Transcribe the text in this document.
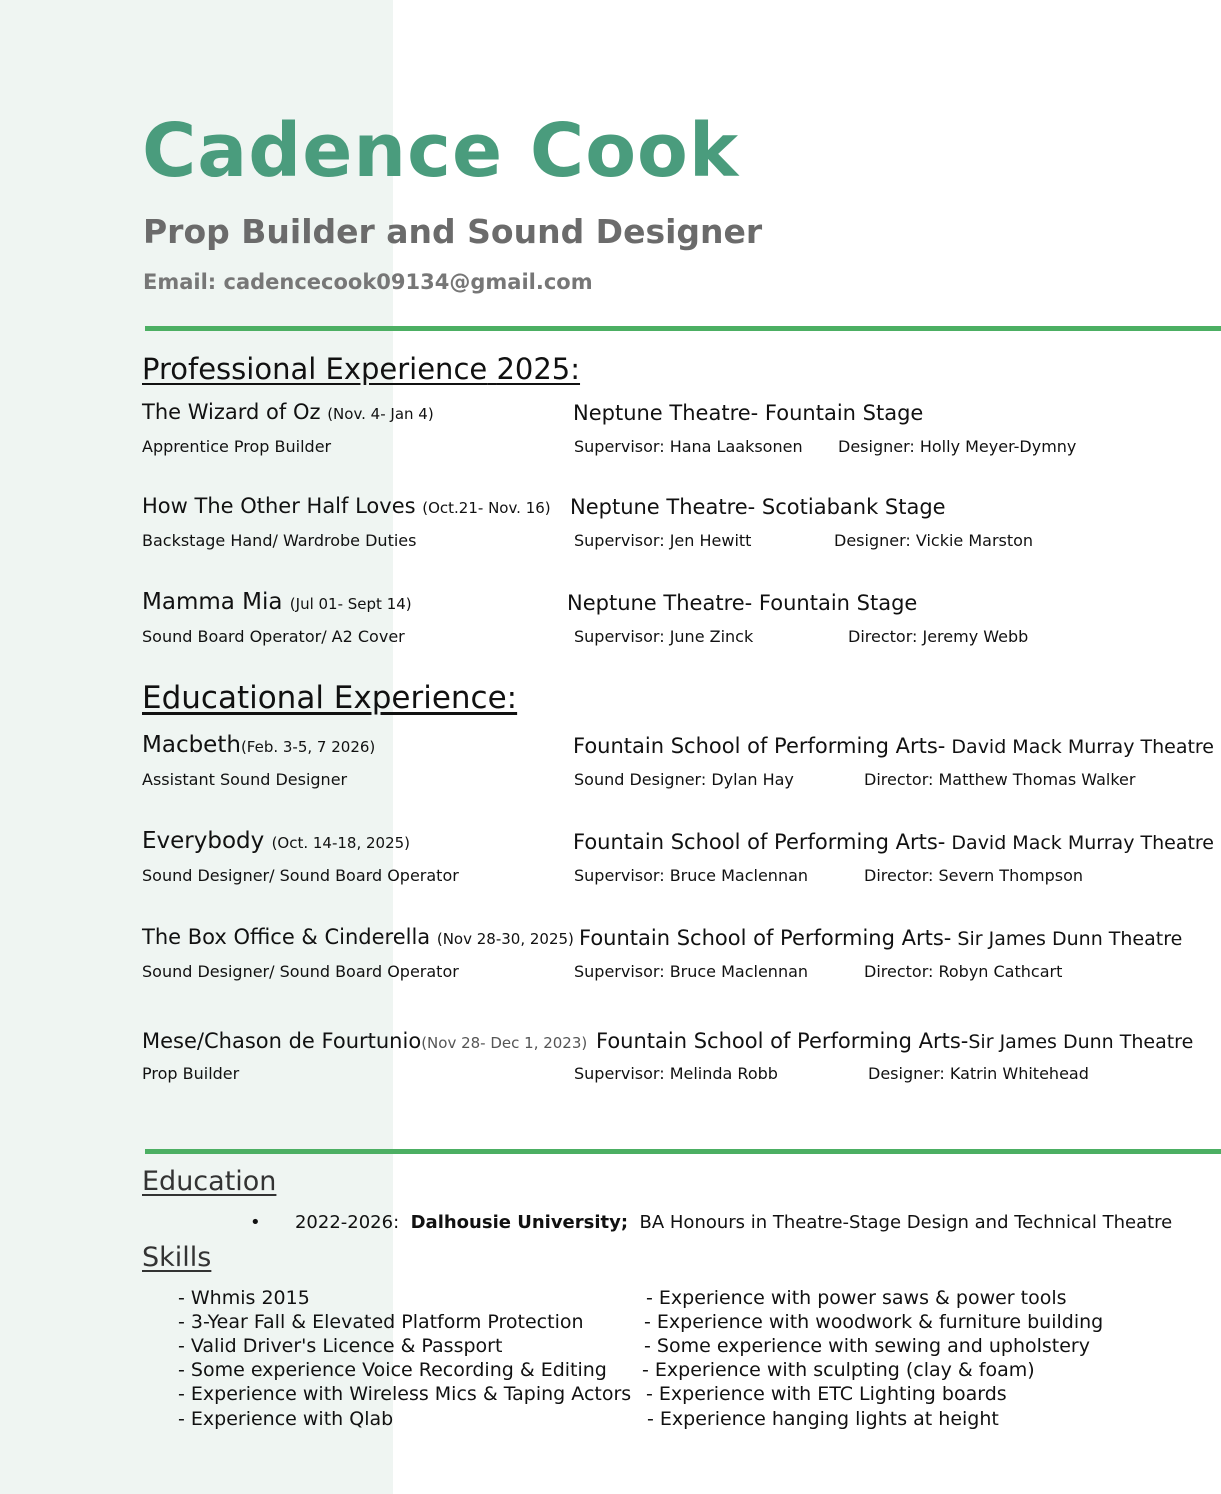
Cadence Cook
Prop Builder and Sound Designer
Email: cadencecook09134@gmail.com
Professional Experience 2025:
The Wizard of Oz (Nov. 4- Jan 4)	Neptune Theatre- Fountain Stage
Apprentice Prop Builder	Supervisor: Hana Laaksonen Designer: Holly Meyer-Dymny
How The Other Half Loves (Oct.21- Nov. 16) Neptune Theatre- Scotiabank Stage
Backstage Hand/ Wardrobe Duties	Supervisor: Jen Hewitt	Designer: Vickie Marston
Mamma Mia (Jul 01- Sept 14)	Neptune Theatre- Fountain Stage
Sound Board Operator/ A2 Cover	Supervisor: June Zinck	Director: Jeremy Webb
Educational Experience:
Macbeth(Feb. 3-5, 7 2026)	Fountain School of Performing Arts- David Mack Murray Theatre
Assistant Sound Designer	Sound Designer: Dylan Hay	Director: Matthew Thomas Walker
Everybody (Oct. 14-18, 2025)	Fountain School of Performing Arts- David Mack Murray Theatre
Sound Designer/ Sound Board Operator	Supervisor: Bruce Maclennan	Director: Severn Thompson
The Box Office & Cinderella (Nov 28-30, 2025) Fountain School of Performing Arts- Sir James Dunn Theatre
Sound Designer/ Sound Board Operator	Supervisor: Bruce Maclennan	Director: Robyn Cathcart
Mese/Chason de Fourtunio(Nov 28- Dec 1, 2023) Fountain School of Performing Arts-Sir James Dunn Theatre
Prop Builder	Supervisor: Melinda Robb	Designer: Katrin Whitehead
Education
• 2022-2026: Dalhousie University; BA Honours in Theatre-Stage Design and Technical Theatre
Skills
- Whmis 2015
- 3-Year Fall & Elevated Platform Protection
- Valid Driver's Licence & Passport
- Some experience Voice Recording & Editing
- Experience with Wireless Mics & Taping Actors
- Experience with Qlab
- Experience with power saws & power tools
- Experience with woodwork & furniture building
- Some experience with sewing and upholstery
- Experience with sculpting (clay & foam)
- Experience with ETC Lighting boards
- Experience hanging lights at height
